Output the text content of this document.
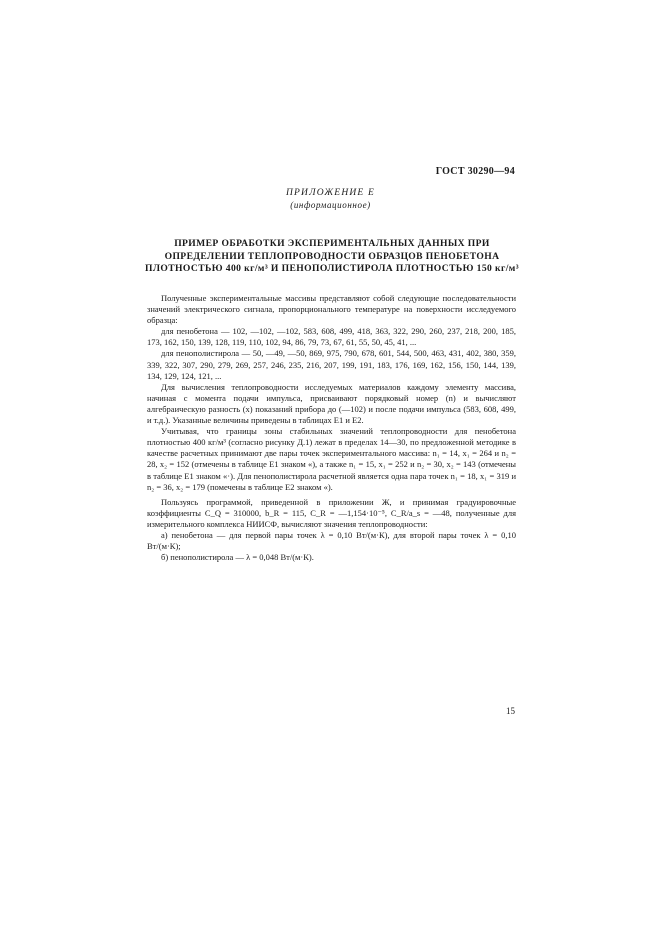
ГОСТ 30290—94
ПРИЛОЖЕНИЕ Е
(информационное)
ПРИМЕР ОБРАБОТКИ ЭКСПЕРИМЕНТАЛЬНЫХ ДАННЫХ ПРИ
ОПРЕДЕЛЕНИИ ТЕПЛОПРОВОДНОСТИ ОБРАЗЦОВ ПЕНОБЕТОНА
ПЛОТНОСТЬЮ 400 кг/м³ И ПЕНОПОЛИСТИРОЛА ПЛОТНОСТЬЮ 150 кг/м³

Полученные экспериментальные массивы представляют собой следующие последовательности значений электрического сигнала, пропорционального температуре на поверхности исследуемого образца:

для пенобетона — 102, —102, —102, 583, 608, 499, 418, 363, 322, 290, 260, 237, 218, 200, 185, 173, 162, 150, 139, 128, 119, 110, 102, 94, 86, 79, 73, 67, 61, 55, 50, 45, 41, ...

для пенополистирола — 50, —49, —50, 869, 975, 790, 678, 601, 544, 500, 463, 431, 402, 380, 359, 339, 322, 307, 290, 279, 269, 257, 246, 235, 216, 207, 199, 191, 183, 176, 169, 162, 156, 150, 144, 139, 134, 129, 124, 121, ...

Для вычисления теплопроводности исследуемых материалов каждому элементу массива, начиная с момента подачи импульса, присваивают порядковый номер (n) и вычисляют алгебраическую разность (x) показаний прибора до (—102) и после подачи импульса (583, 608, 499, и т.д.). Указанные величины приведены в таблицах Е1 и Е2.

Учитывая, что границы зоны стабильных значений теплопроводности для пенобетона плотностью 400 кг/м³ (согласно рисунку Д.1) лежат в пределах 14—30, по предложенной методике в качестве расчетных принимают две пары точек экспериментального массива: n₁ = 14, x₁ = 264 и n₂ = 28, x₂ = 152 (отмечены в таблице Е1 знаком «), а также n₁ = 15, x₁ = 252 и n₂ = 30, x₂ = 143 (отмечены в таблице Е1 знаком «·). Для пенополистирола расчетной является одна пара точек n₁ = 18, x₁ = 319 и n₂ = 36, x₂ = 179 (помечены в таблице Е2 знаком «).

Пользуясь программой, приведенной в приложении Ж, и принимая градуировочные коэффициенты C_Q = 310000, b_R = 115, C_R = —1,154·10⁻⁵, C_R/a_s = —48, полученные для измерительного комплекса НИИСФ, вычисляют значения теплопроводности:

а) пенобетона — для первой пары точек λ = 0,10 Вт/(м·К), для второй пары точек λ = 0,10 Вт/(м·К);

б) пенополистирола — λ = 0,048 Вт/(м·К).

15
